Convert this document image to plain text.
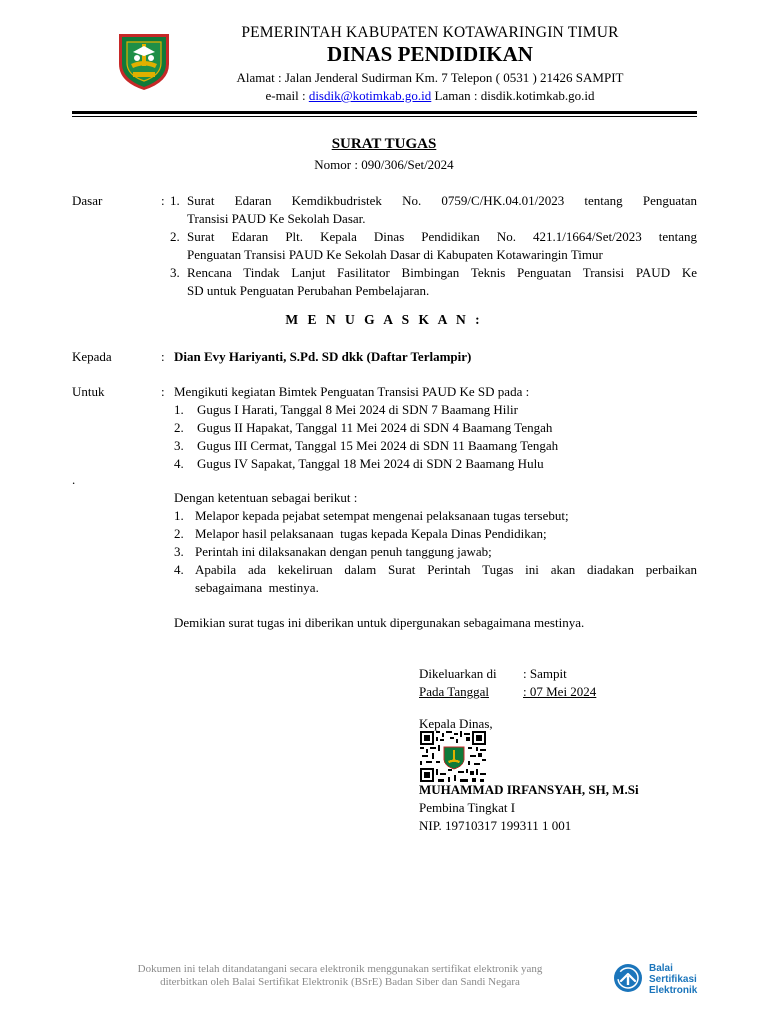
PEMERINTAH KABUPATEN KOTAWARINGIN TIMUR
DINAS PENDIDIKAN
Alamat : Jalan Jenderal Sudirman Km. 7 Telepon ( 0531 ) 21426 SAMPIT
e-mail : disdik@kotimkab.go.id Laman : disdik.kotimkab.go.id
SURAT TUGAS
Nomor : 090/306/Set/2024
Dasar	: 1. Surat Edaran Kemdikbudristek No. 0759/C/HK.04.01/2023 tentang Penguatan
Transisi PAUD Ke Sekolah Dasar.
2. Surat Edaran Plt. Kepala Dinas Pendidikan No. 421.1/1664/Set/2023 tentang
Penguatan Transisi PAUD Ke Sekolah Dasar di Kabupaten Kotawaringin Timur
3. Rencana Tindak Lanjut Fasilitator Bimbingan Teknis Penguatan Transisi PAUD Ke
SD untuk Penguatan Perubahan Pembelajaran.
M E N U G A S K A N :
Kepada	: Dian Evy Hariyanti, S.Pd. SD dkk (Daftar Terlampir)
Untuk	: Mengikuti kegiatan Bimtek Penguatan Transisi PAUD Ke SD pada :
1. Gugus I Harati, Tanggal 8 Mei 2024 di SDN 7 Baamang Hilir
2. Gugus II Hapakat, Tanggal 11 Mei 2024 di SDN 4 Baamang Tengah
3. Gugus III Cermat, Tanggal 15 Mei 2024 di SDN 11 Baamang Tengah
4. Gugus IV Sapakat, Tanggal 18 Mei 2024 di SDN 2 Baamang Hulu
.
Dengan ketentuan sebagai berikut :
1. Melapor kepada pejabat setempat mengenai pelaksanaan tugas tersebut;
2. Melapor hasil pelaksanaan  tugas kepada Kepala Dinas Pendidikan;
3. Perintah ini dilaksanakan dengan penuh tanggung jawab;
4. Apabila ada kekeliruan dalam Surat Perintah Tugas ini akan diadakan perbaikan
sebagaimana  mestinya.
Demikian surat tugas ini diberikan untuk dipergunakan sebagaimana mestinya.
Dikeluarkan di : Sampit
Pada Tanggal	: 07 Mei 2024
Kepala Dinas,
MUHAMMAD IRFANSYAH, SH, M.Si
Pembina Tingkat I
NIP. 19710317 199311 1 001
Dokumen ini telah ditandatangani secara elektronik menggunakan sertifikat elektronik yang
diterbitkan oleh Balai Sertifikat Elektronik (BSrE) Badan Siber dan Sandi Negara
Balai
Sertifikasi
Elektronik
